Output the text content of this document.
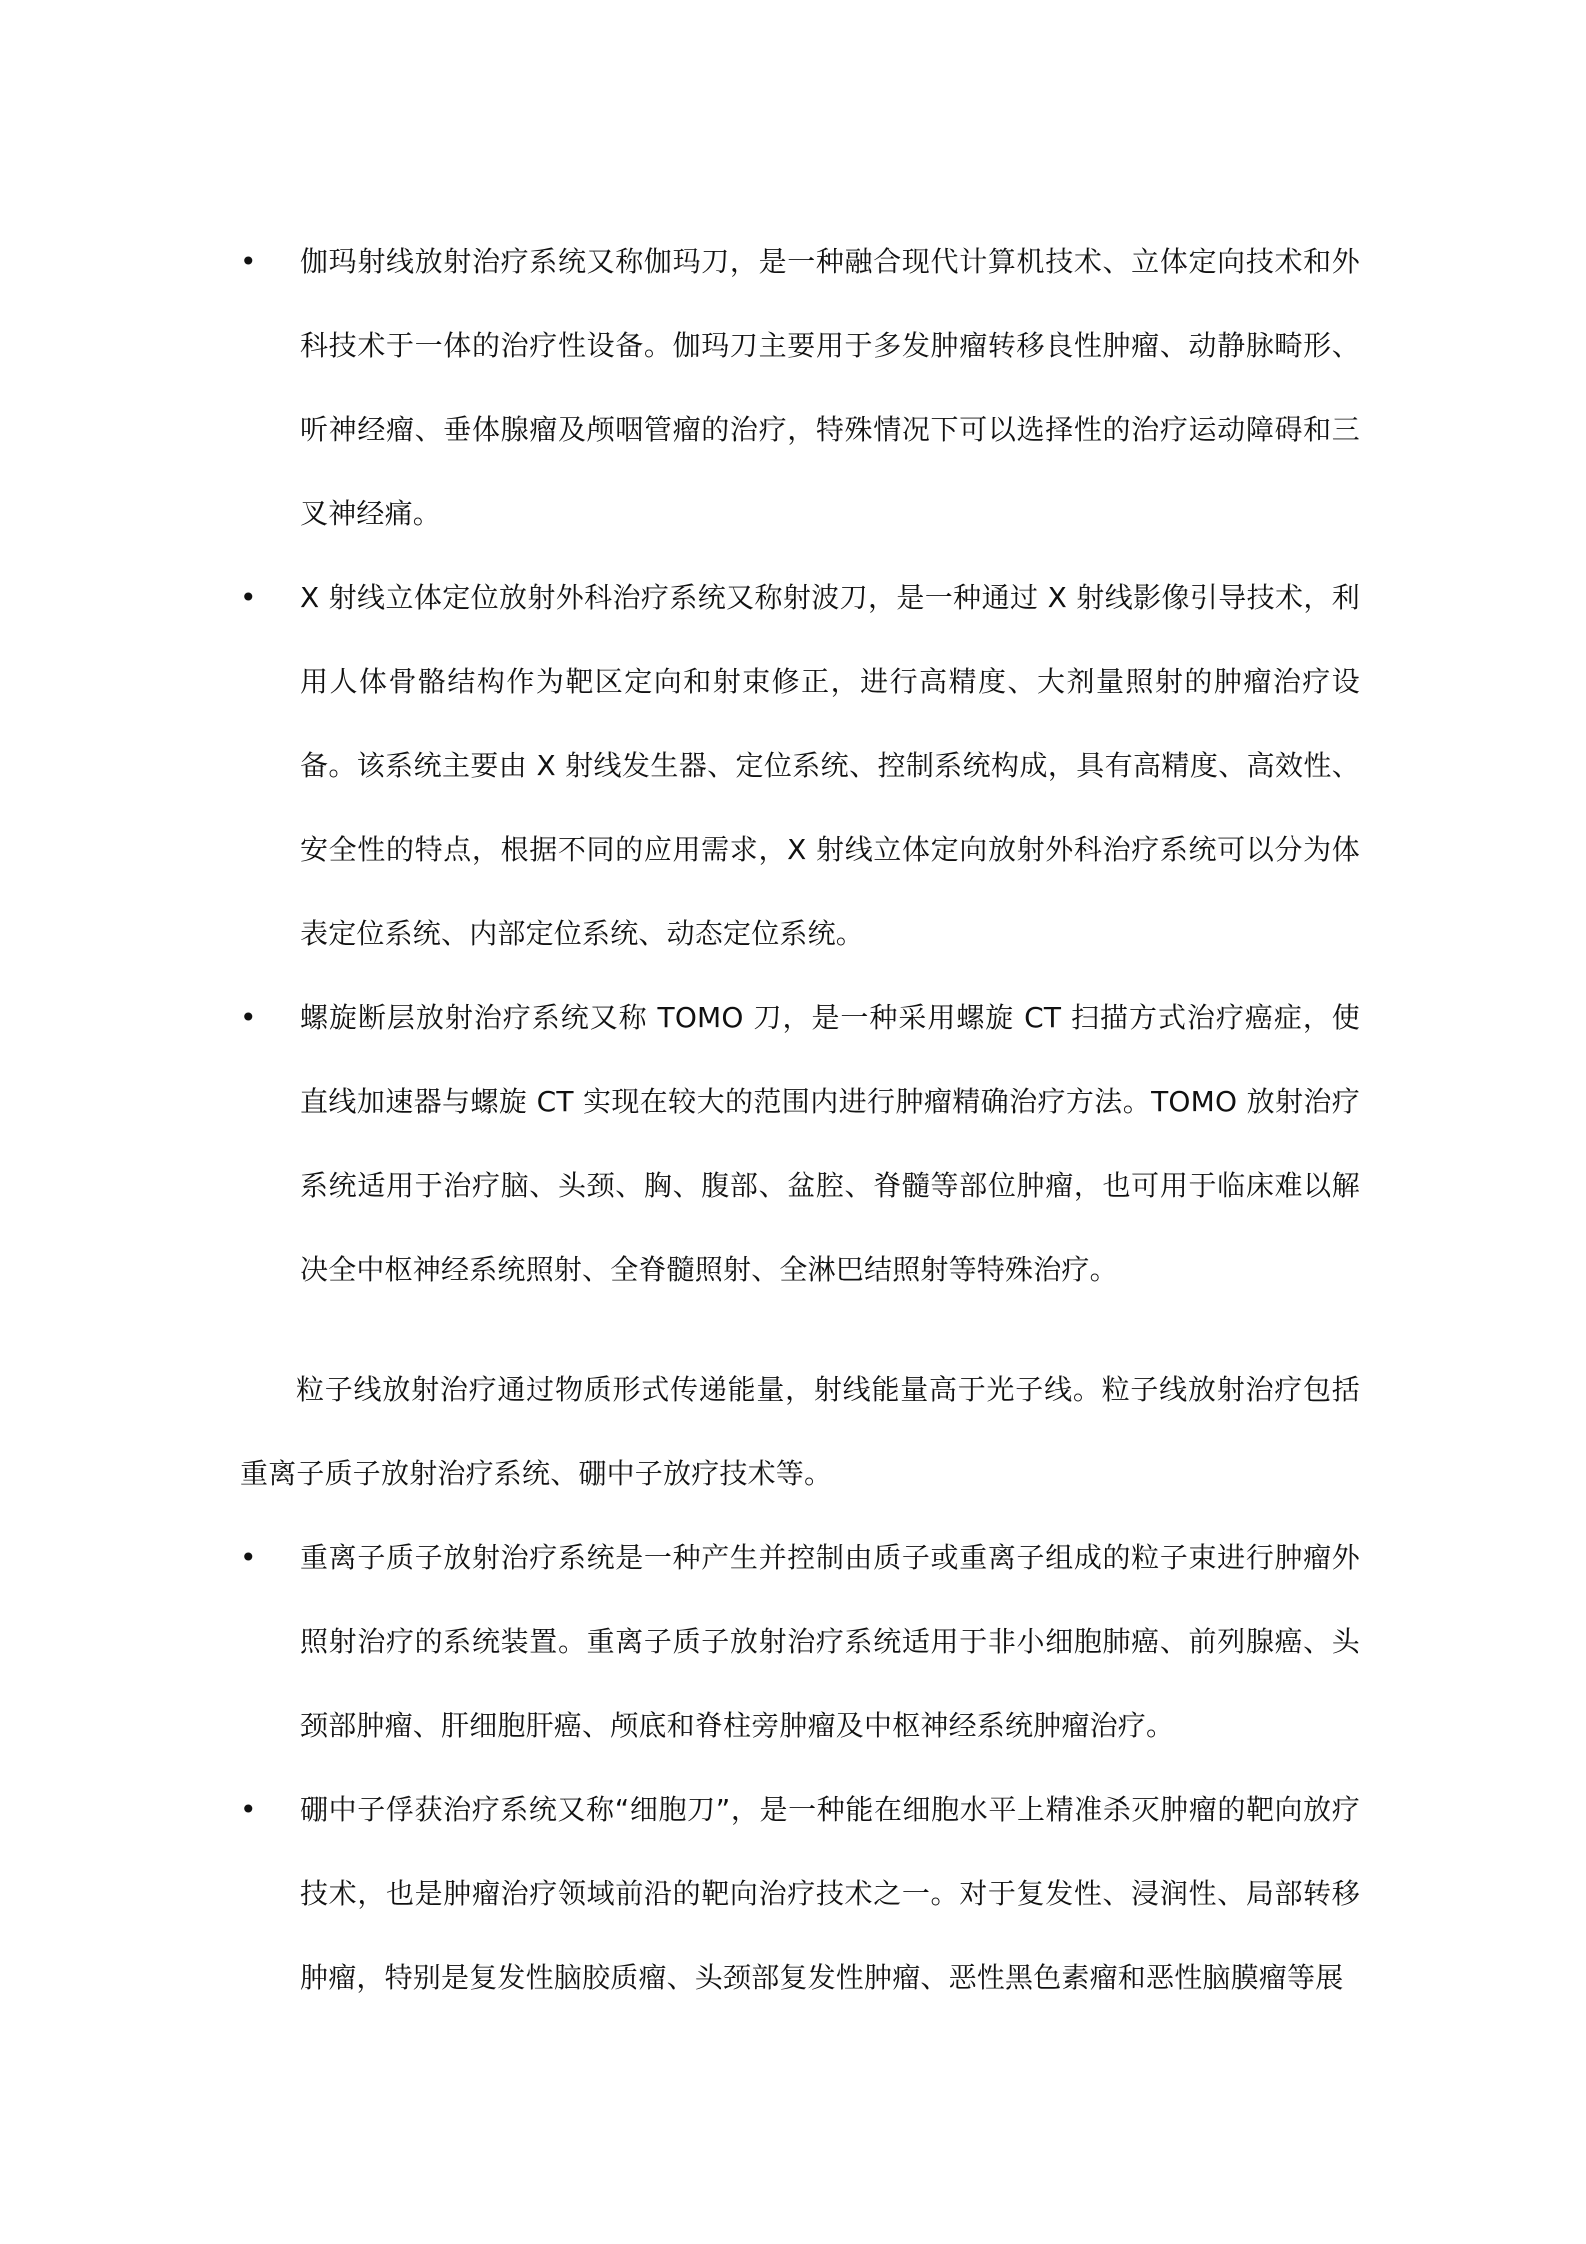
• 伽玛射线放射治疗系统又称伽玛刀，是一种融合现代计算机技术、立体定向技术和外科技术于一体的治疗性设备。伽玛刀主要用于多发肿瘤转移良性肿瘤、动静脉畸形、听神经瘤、垂体腺瘤及颅咽管瘤的治疗，特殊情况下可以选择性的治疗运动障碍和三叉神经痛。
• X 射线立体定位放射外科治疗系统又称射波刀，是一种通过 X 射线影像引导技术，利用人体骨骼结构作为靶区定向和射束修正，进行高精度、大剂量照射的肿瘤治疗设备。该系统主要由 X 射线发生器、定位系统、控制系统构成，具有高精度、高效性、安全性的特点，根据不同的应用需求，X 射线立体定向放射外科治疗系统可以分为体表定位系统、内部定位系统、动态定位系统。
• 螺旋断层放射治疗系统又称 TOMO 刀，是一种采用螺旋 CT 扫描方式治疗癌症，使直线加速器与螺旋 CT 实现在较大的范围内进行肿瘤精确治疗方法。TOMO 放射治疗系统适用于治疗脑、头颈、胸、腹部、盆腔、脊髓等部位肿瘤，也可用于临床难以解决全中枢神经系统照射、全脊髓照射、全淋巴结照射等特殊治疗。
粒子线放射治疗通过物质形式传递能量，射线能量高于光子线。粒子线放射治疗包括重离子质子放射治疗系统、硼中子放疗技术等。
• 重离子质子放射治疗系统是一种产生并控制由质子或重离子组成的粒子束进行肿瘤外照射治疗的系统装置。重离子质子放射治疗系统适用于非小细胞肺癌、前列腺癌、头颈部肿瘤、肝细胞肝癌、颅底和脊柱旁肿瘤及中枢神经系统肿瘤治疗。
• 硼中子俘获治疗系统又称“细胞刀”，是一种能在细胞水平上精准杀灭肿瘤的靶向放疗技术，也是肿瘤治疗领域前沿的靶向治疗技术之一。对于复发性、浸润性、局部转移肿瘤，特别是复发性脑胶质瘤、头颈部复发性肿瘤、恶性黑色素瘤和恶性脑膜瘤等展
